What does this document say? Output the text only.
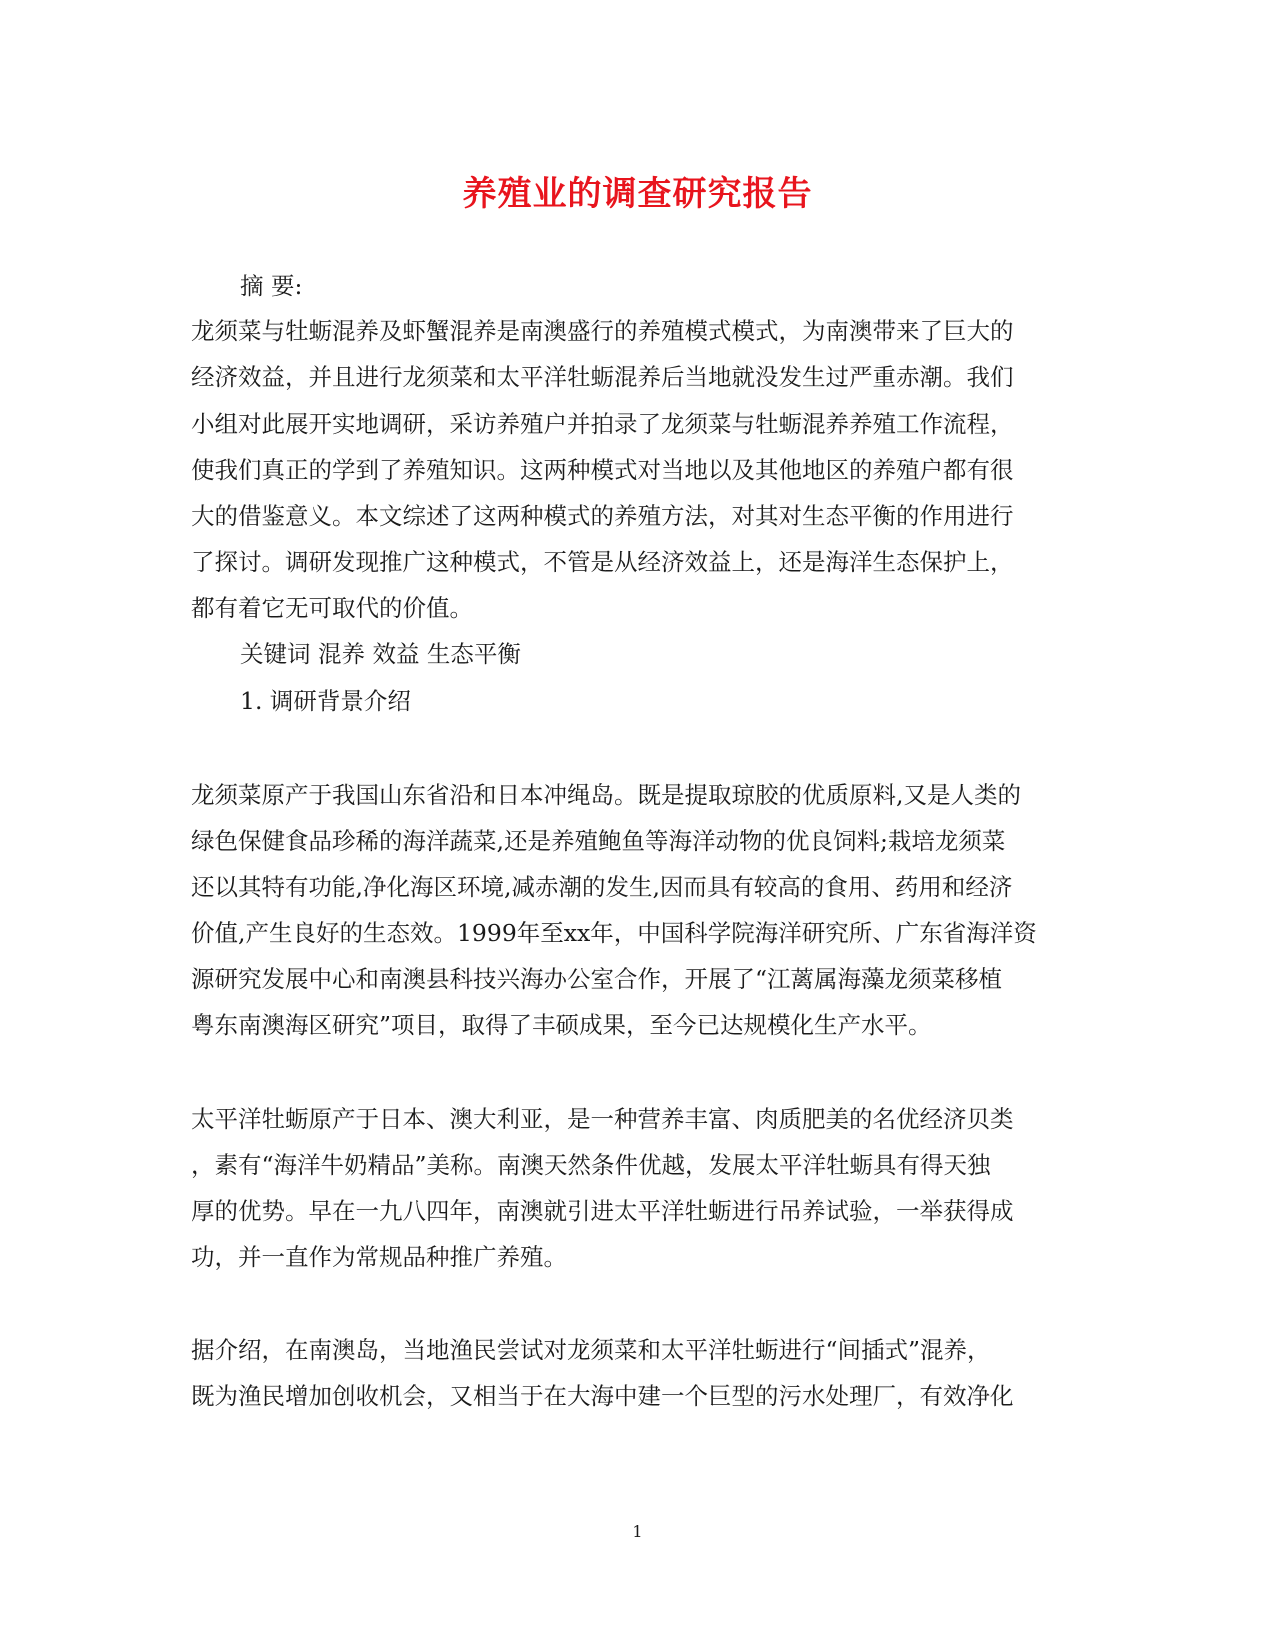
养殖业的调查研究报告
摘 要:
龙须菜与牡蛎混养及虾蟹混养是南澳盛行的养殖模式模式，为南澳带来了巨大的
经济效益，并且进行龙须菜和太平洋牡蛎混养后当地就没发生过严重赤潮。我们
小组对此展开实地调研，采访养殖户并拍录了龙须菜与牡蛎混养养殖工作流程，
使我们真正的学到了养殖知识。这两种模式对当地以及其他地区的养殖户都有很
大的借鉴意义。本文综述了这两种模式的养殖方法，对其对生态平衡的作用进行
了探讨。调研发现推广这种模式，不管是从经济效益上，还是海洋生态保护上，
都有着它无可取代的价值。
关键词 混养 效益 生态平衡
1. 调研背景介绍
龙须菜原产于我国山东省沿和日本冲绳岛。既是提取琼胶的优质原料,又是人类的
绿色保健食品珍稀的海洋蔬菜,还是养殖鲍鱼等海洋动物的优良饲料;栽培龙须菜
还以其特有功能,净化海区环境,减赤潮的发生,因而具有较高的食用、药用和经济
价值,产生良好的生态效。1999年至xx年，中国科学院海洋研究所、广东省海洋资
源研究发展中心和南澳县科技兴海办公室合作，开展了“江蓠属海藻龙须菜移植
粤东南澳海区研究”项目，取得了丰硕成果，至今已达规模化生产水平。
太平洋牡蛎原产于日本、澳大利亚，是一种营养丰富、肉质肥美的名优经济贝类
，素有“海洋牛奶精品”美称。南澳天然条件优越，发展太平洋牡蛎具有得天独
厚的优势。早在一九八四年，南澳就引进太平洋牡蛎进行吊养试验，一举获得成
功，并一直作为常规品种推广养殖。
据介绍，在南澳岛，当地渔民尝试对龙须菜和太平洋牡蛎进行“间插式”混养，
既为渔民增加创收机会，又相当于在大海中建一个巨型的污水处理厂，有效净化
1
